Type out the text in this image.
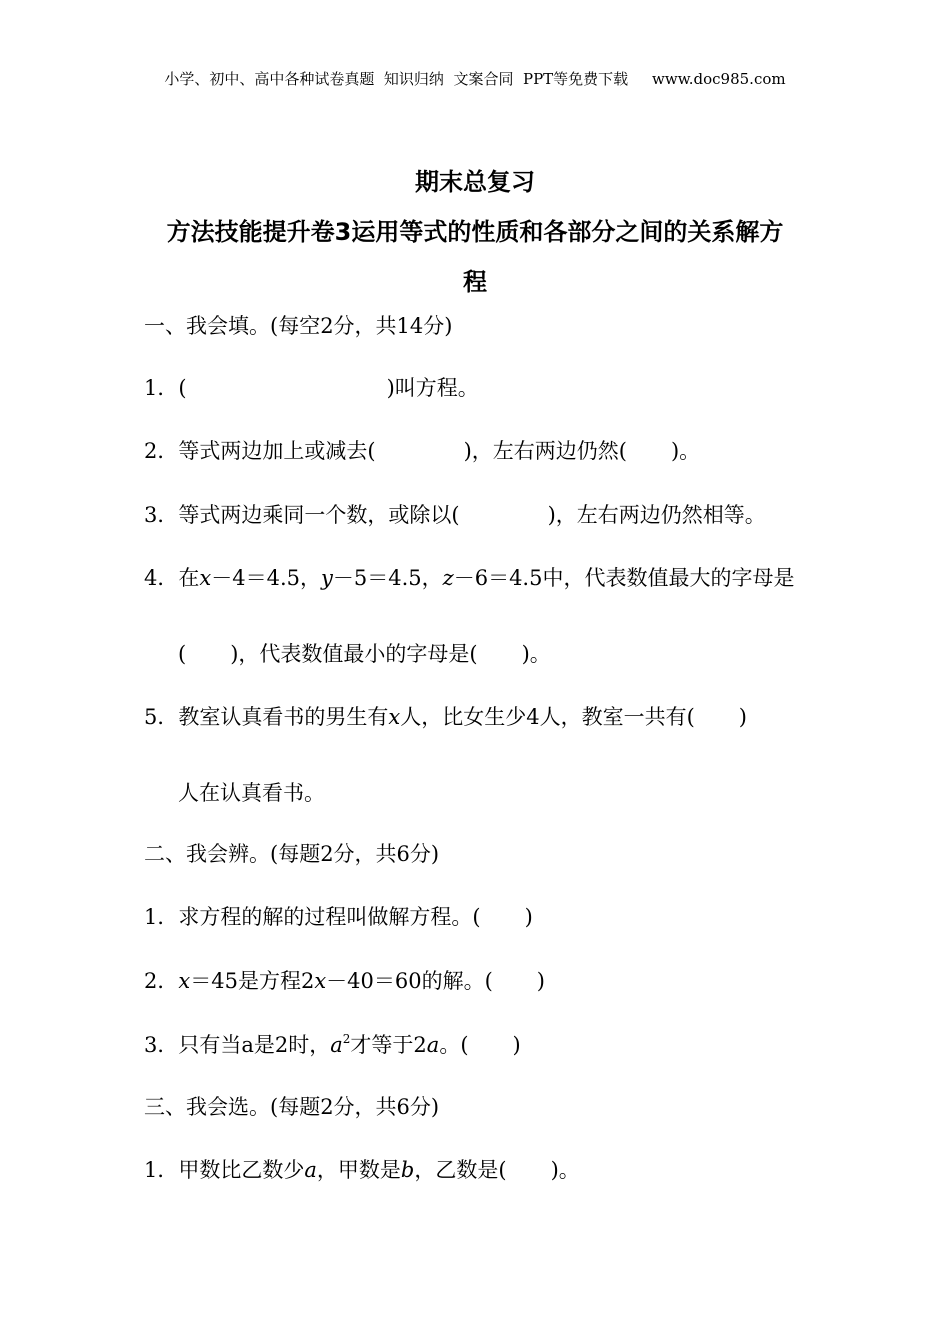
小学、初中、高中各种试卷真题  知识归纳  文案合同  PPT等免费下载     www.doc985.com
期末总复习
方法技能提升卷3运用等式的性质和各部分之间的关系解方
程
一、我会填。(每空2分，共14分)
1．(	)叫方程。
2．等式两边加上或减去(	)，左右两边仍然( )。
3．等式两边乘同一个数，或除以(	)，左右两边仍然相等。
4．在x－4＝4.5，y－5＝4.5，z－6＝4.5中，代表数值最大的字母是
( )，代表数值最小的字母是( )。
5．教室认真看书的男生有x人，比女生少4人，教室一共有( )
人在认真看书。
二、我会辨。(每题2分，共6分)
1．求方程的解的过程叫做解方程。( )
2．x＝45是方程2x－40＝60的解。( )
3．只有当a是2时，$a^2$才等于2a。( )
三、我会选。(每题2分，共6分)
1．甲数比乙数少a，甲数是b，乙数是( )。
